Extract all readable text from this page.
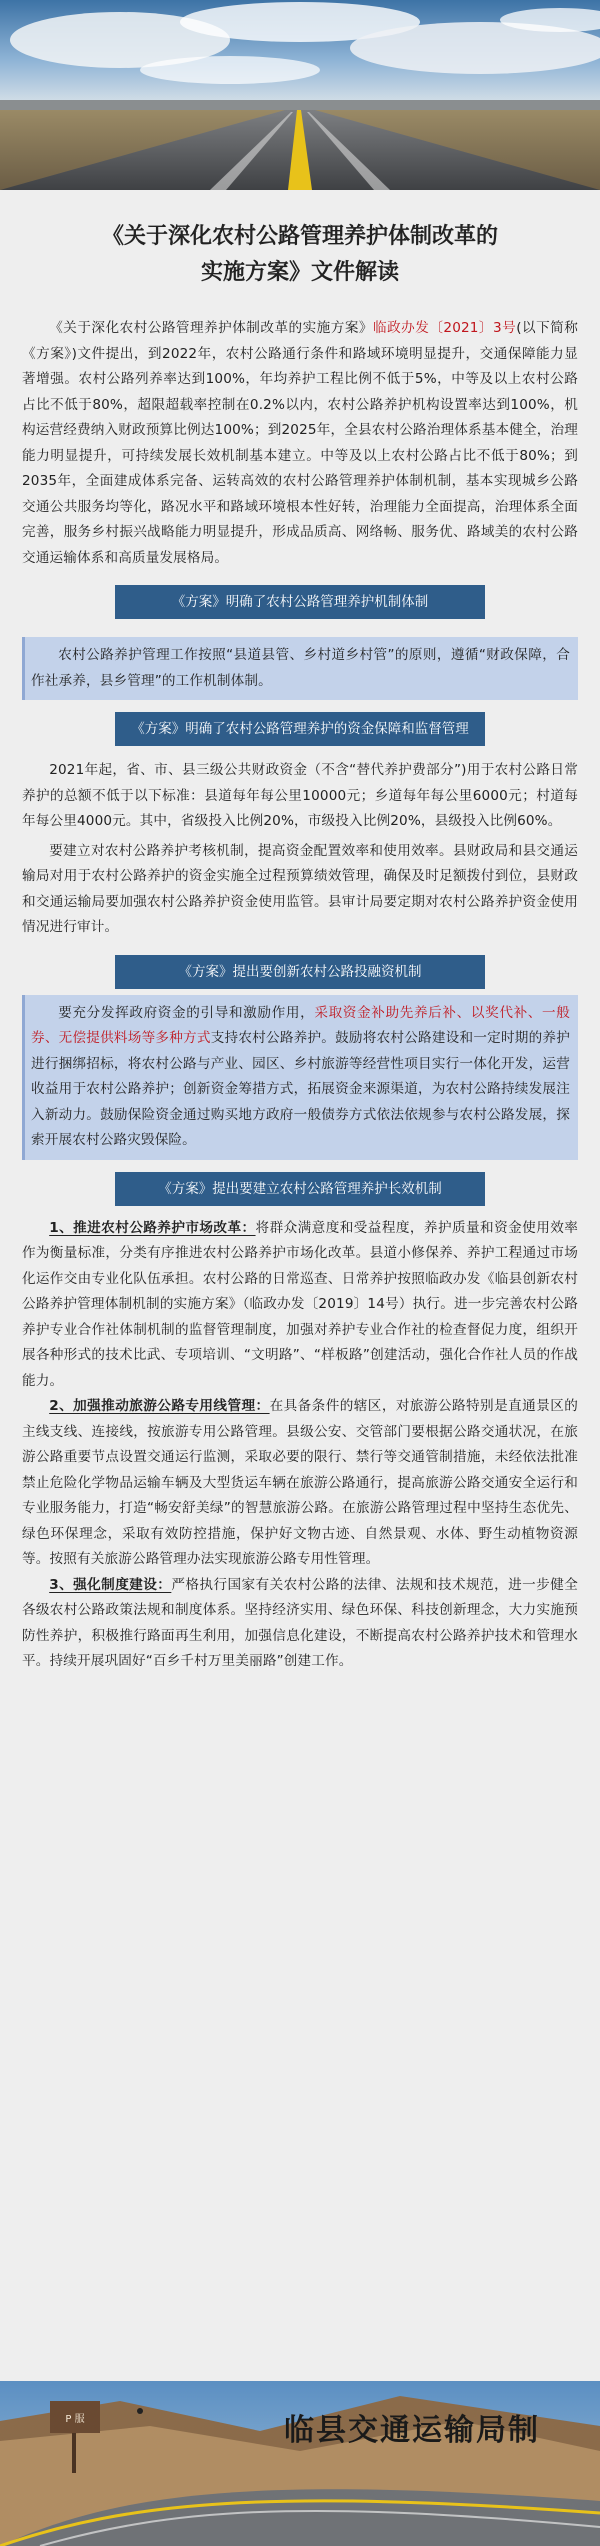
《关于深化农村公路管理养护体制改革的
实施方案》文件解读

《关于深化农村公路管理养护体制改革的实施方案》临政办发〔2021〕3号(以下简称《方案》)文件提出，到2022年，农村公路通行条件和路域环境明显提升，交通保障能力显著增强。农村公路列养率达到100%，年均养护工程比例不低于5%，中等及以上农村公路占比不低于80%，超限超载率控制在0.2%以内，农村公路养护机构设置率达到100%，机构运营经费纳入财政预算比例达100%；到2025年，全县农村公路治理体系基本健全，治理能力明显提升，可持续发展长效机制基本建立。中等及以上农村公路占比不低于80%；到2035年，全面建成体系完备、运转高效的农村公路管理养护体制机制，基本实现城乡公路交通公共服务均等化，路况水平和路域环境根本性好转，治理能力全面提高，治理体系全面完善，服务乡村振兴战略能力明显提升，形成品质高、网络畅、服务优、路域美的农村公路交通运输体系和高质量发展格局。

《方案》明确了农村公路管理养护机制体制

农村公路养护管理工作按照“县道县管、乡村道乡村管”的原则，遵循“财政保障，合作社承养，县乡管理”的工作机制体制。

《方案》明确了农村公路管理养护的资金保障和监督管理

2021年起，省、市、县三级公共财政资金（不含“替代养护费部分”)用于农村公路日常养护的总额不低于以下标准：县道每年每公里10000元；乡道每年每公里6000元；村道每年每公里4000元。其中，省级投入比例20%，市级投入比例20%，县级投入比例60%。

要建立对农村公路养护考核机制，提高资金配置效率和使用效率。县财政局和县交通运输局对用于农村公路养护的资金实施全过程预算绩效管理，确保及时足额拨付到位，县财政和交通运输局要加强农村公路养护资金使用监管。县审计局要定期对农村公路养护资金使用情况进行审计。

《方案》提出要创新农村公路投融资机制

要充分发挥政府资金的引导和激励作用，采取资金补助先养后补、以奖代补、一般券、无偿提供料场等多种方式支持农村公路养护。鼓励将农村公路建设和一定时期的养护进行捆绑招标，将农村公路与产业、园区、乡村旅游等经营性项目实行一体化开发，运营收益用于农村公路养护；创新资金筹措方式，拓展资金来源渠道，为农村公路持续发展注入新动力。鼓励保险资金通过购买地方政府一般债券方式依法依规参与农村公路发展，探索开展农村公路灾毁保险。

《方案》提出要建立农村公路管理养护长效机制

1、推进农村公路养护市场改革：将群众满意度和受益程度，养护质量和资金使用效率作为衡量标准，分类有序推进农村公路养护市场化改革。县道小修保养、养护工程通过市场化运作交由专业化队伍承担。农村公路的日常巡查、日常养护按照临政办发《临县创新农村公路养护管理体制机制的实施方案》（临政办发〔2019〕14号）执行。进一步完善农村公路养护专业合作社体制机制的监督管理制度，加强对养护专业合作社的检查督促力度，组织开展各种形式的技术比武、专项培训、“文明路”、“样板路”创建活动，强化合作社人员的作战能力。

2、加强推动旅游公路专用线管理：在具备条件的辖区，对旅游公路特别是直通景区的主线支线、连接线，按旅游专用公路管理。县级公安、交管部门要根据公路交通状况，在旅游公路重要节点设置交通运行监测，采取必要的限行、禁行等交通管制措施，未经依法批准禁止危险化学物品运输车辆及大型货运车辆在旅游公路通行，提高旅游公路交通安全运行和专业服务能力，打造“畅安舒美绿”的智慧旅游公路。在旅游公路管理过程中坚持生态优先、绿色环保理念，采取有效防控措施，保护好文物古迹、自然景观、水体、野生动植物资源等。按照有关旅游公路管理办法实现旅游公路专用性管理。

3、强化制度建设：严格执行国家有关农村公路的法律、法规和技术规范，进一步健全各级农村公路政策法规和制度体系。坚持经济实用、绿色环保、科技创新理念，大力实施预防性养护，积极推行路面再生利用，加强信息化建设，不断提高农村公路养护技术和管理水平。持续开展巩固好“百乡千村万里美丽路”创建工作。

P 服	临县交通运输局制
